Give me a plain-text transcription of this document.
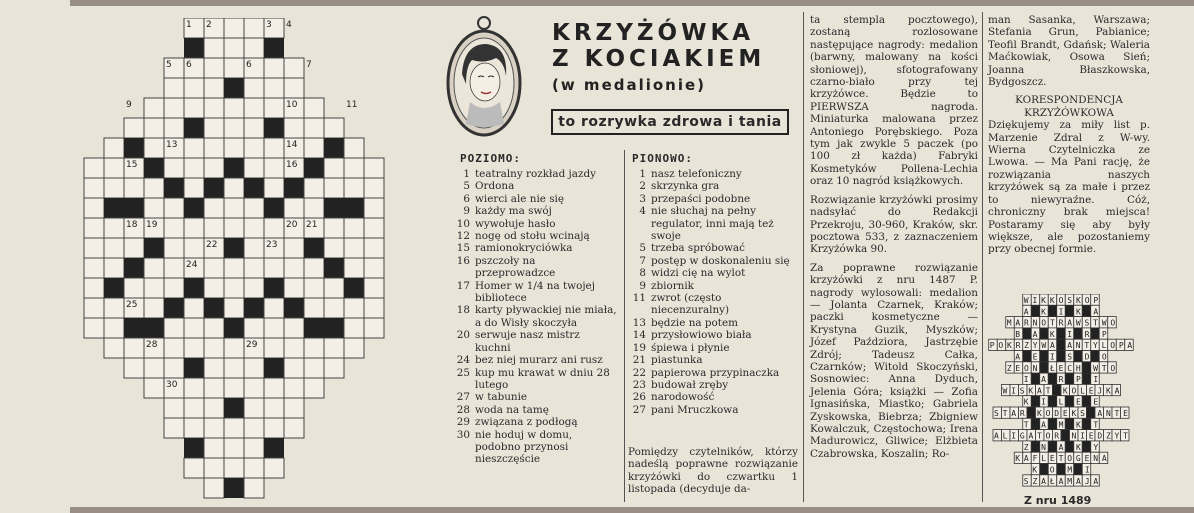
1 2	3 4
5 6	6	7
8
9	10	11
12
13	14
15	16
17
18 19	20 21
22	23
24
25	26	27
28	29
30
KRZYŻÓWKA
Z KOCIAKIEM
(w medalionie)
to rozrywka zdrowa i tania
POZIOMO:
1 teatralny rozkład jazdy
5 Ordona
6 wierci ale nie się
9 każdy ma swój
10 wywołuje hasło
12 nogę od stołu wcinają
15 ramionokryciówka
16 pszczoły na przeprowadzce
17 Homer w 1/4 na twojej bibliotece
18 karty pływackiej nie miała, a do Wisły skoczyła
20 serwuje nasz mistrz kuchni
24 bez niej murarz ani rusz
25 kup mu krawat w dniu 28 lutego
27 w tabunie
28 woda na tamę
29 związana z podłogą
30 nie hoduj w domu, podobno przynosi nieszczęście
PIONOWO:
1 nasz telefoniczny
2 skrzynka gra
3 przepaści podobne
4 nie słuchaj na pełny regulator, inni mają też swoje
5 trzeba spróbować
7 postęp w doskonaleniu się
8 widzi cię na wylot
9 zbiornik
11 zwrot (często niecenzuralny)
13 będzie na potem
14 przysłowiowo biała
19 śpiewa i płynie
21 piastunka
22 papierowa przypinaczka
23 budował zręby
26 narodowość
27 pani Mruczkowa
Pomiędzy czytelników, którzy nadeślą poprawne rozwiązanie krzyżówki do czwartku 1 listopada (decyduje da-

ta stempla pocztowego), zostaną rozlosowane następujące nagrody: medalion (barwny, malowany na kości słoniowej), sfotografowany czarno-biało przy tej krzyżówce. Będzie to PIERWSZA nagroda. Miniaturka malowana przez Antoniego Porębskiego. Poza tym jak zwykle 5 paczek (po 100 zł każda) Fabryki Kosmetyków Pollena-Lechia oraz 10 nagród książkowych.

Rozwiązanie krzyżówki prosimy nadsyłać do Redakcji Przekroju, 30-960, Kraków, skr. pocztowa 533, z zaznaczeniem Krzyżówka 90.

Za poprawne rozwiązanie krzyżówki z nru 1487 P. nagrody wylosowali: medalion — Jolanta Czarnek, Kraków; paczki kosmetyczne — Krystyna Guzik, Myszków; Józef Paździora, Jastrzębie Zdrój; Tadeusz Całka, Czarnków; Witold Skoczyński, Sosnowiec: Anna Dyduch, Jelenia Góra; książki — Zofia Ignasińska, Miastko; Gabriela Zyskowska, Biebrza; Zbigniew Kowalczuk, Częstochowa; Irena Madurowicz, Gliwice; Elżbieta Czabrowska, Koszalin; Ro-

man Sasanka, Warszawa; Stefania Grun, Pabianice; Teofil Brandt, Gdańsk; Waleria Maćkowiak, Osowa Sień; Joanna Błaszkowska, Bydgoszcz.

KORESPONDENCJA KRZYŻÓWKOWA

Dziękujemy za miły list p. Marzenie Zdral z W-wy. Wierna Czytelniczka ze Lwowa. — Ma Pani rację, że rozwiązania naszych krzyżówek są za małe i przez to niewyraźne. Cóż, chroniczny brak miejsca! Postaramy się aby były większe, ale pozostaniemy przy obecnej formie.

WIKKOSKOP
A K I K A
MARNOTRAWSTWO
B A K I R P
POKRZYWA ANTYLOPA
A E I S D O
ZEON ŁECH WTO
I A R P I
WISKAT KOLEJKA
K I L E E
STAR KODEKS ANTE
T A M K T
ALIGATOR NIEDZYT
Z N A K Y
KAFLETOGENA
K O M I
SZAŁAMAJA
Z nru 1489
